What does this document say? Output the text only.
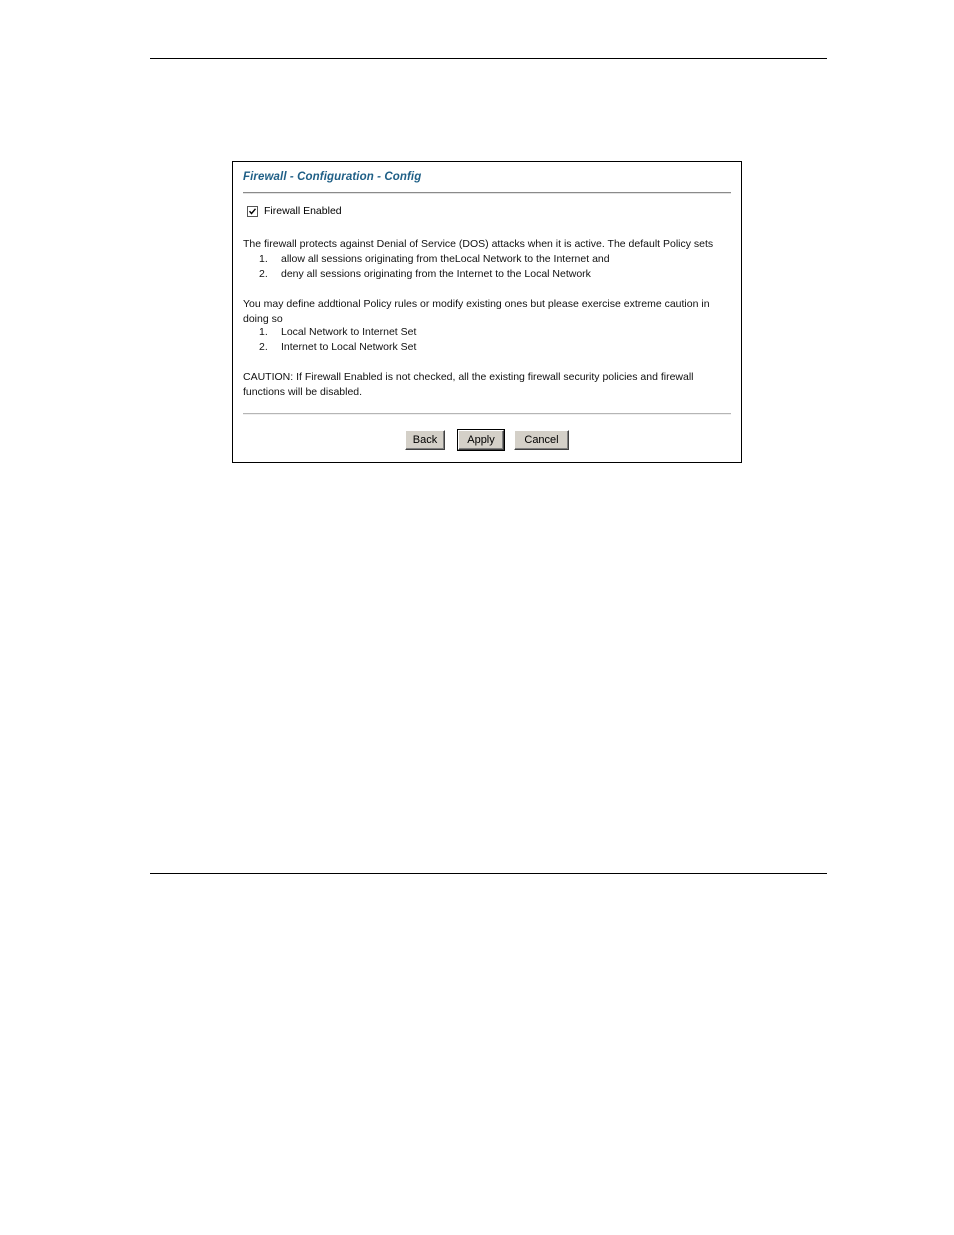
Firewall - Configuration - Config
Firewall Enabled
The firewall protects against Denial of Service (DOS) attacks when it is active. The default Policy sets
1.	allow all sessions originating from theLocal Network to the Internet and
2.	deny all sessions originating from the Internet to the Local Network
You may define addtional Policy rules or modify existing ones but please exercise extreme caution in
doing so
1.	Local Network to Internet Set
2.	Internet to Local Network Set
CAUTION: If Firewall Enabled is not checked, all the existing firewall security policies and firewall
functions will be disabled.
Back	Apply	Cancel
